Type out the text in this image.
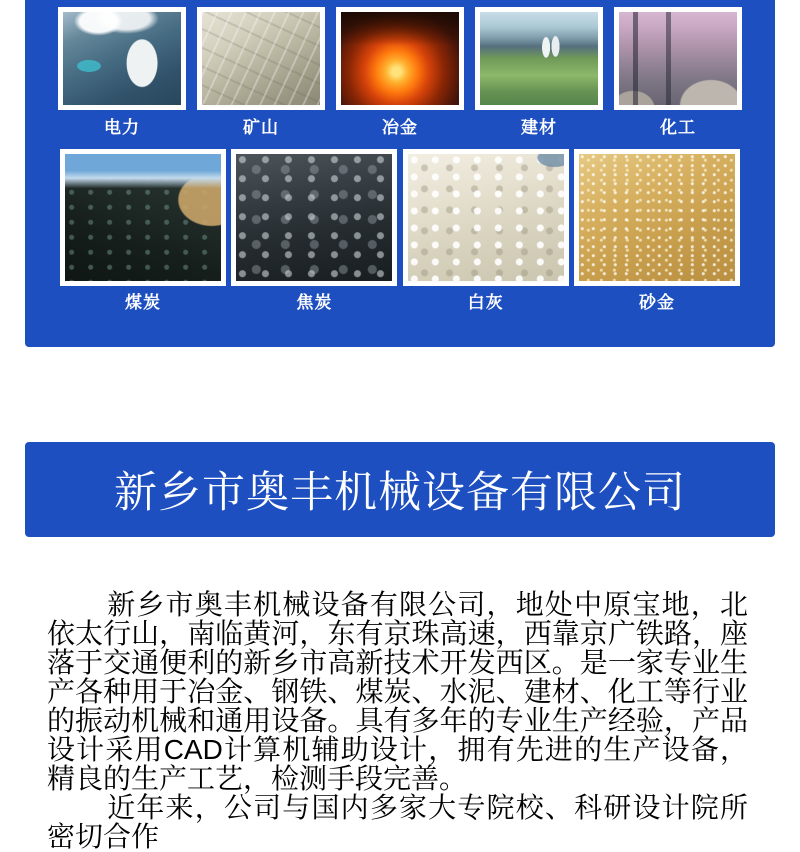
电力	矿山	冶金	建材	化工
煤炭	焦炭	白灰	砂金
新乡市奥丰机械设备有限公司

新乡市奥丰机械设备有限公司，地处中原宝地，北依太行山，南临黄河，东有京珠高速，西靠京广铁路，座落于交通便利的新乡市高新技术开发西区。是一家专业生产各种用于冶金、钢铁、煤炭、水泥、建材、化工等行业的振动机械和通用设备。具有多年的专业生产经验，产品设计采用CAD计算机辅助设计，拥有先进的生产设备，精良的生产工艺，检测手段完善。

近年来，公司与国内多家大专院校、科研设计院所密切合作
